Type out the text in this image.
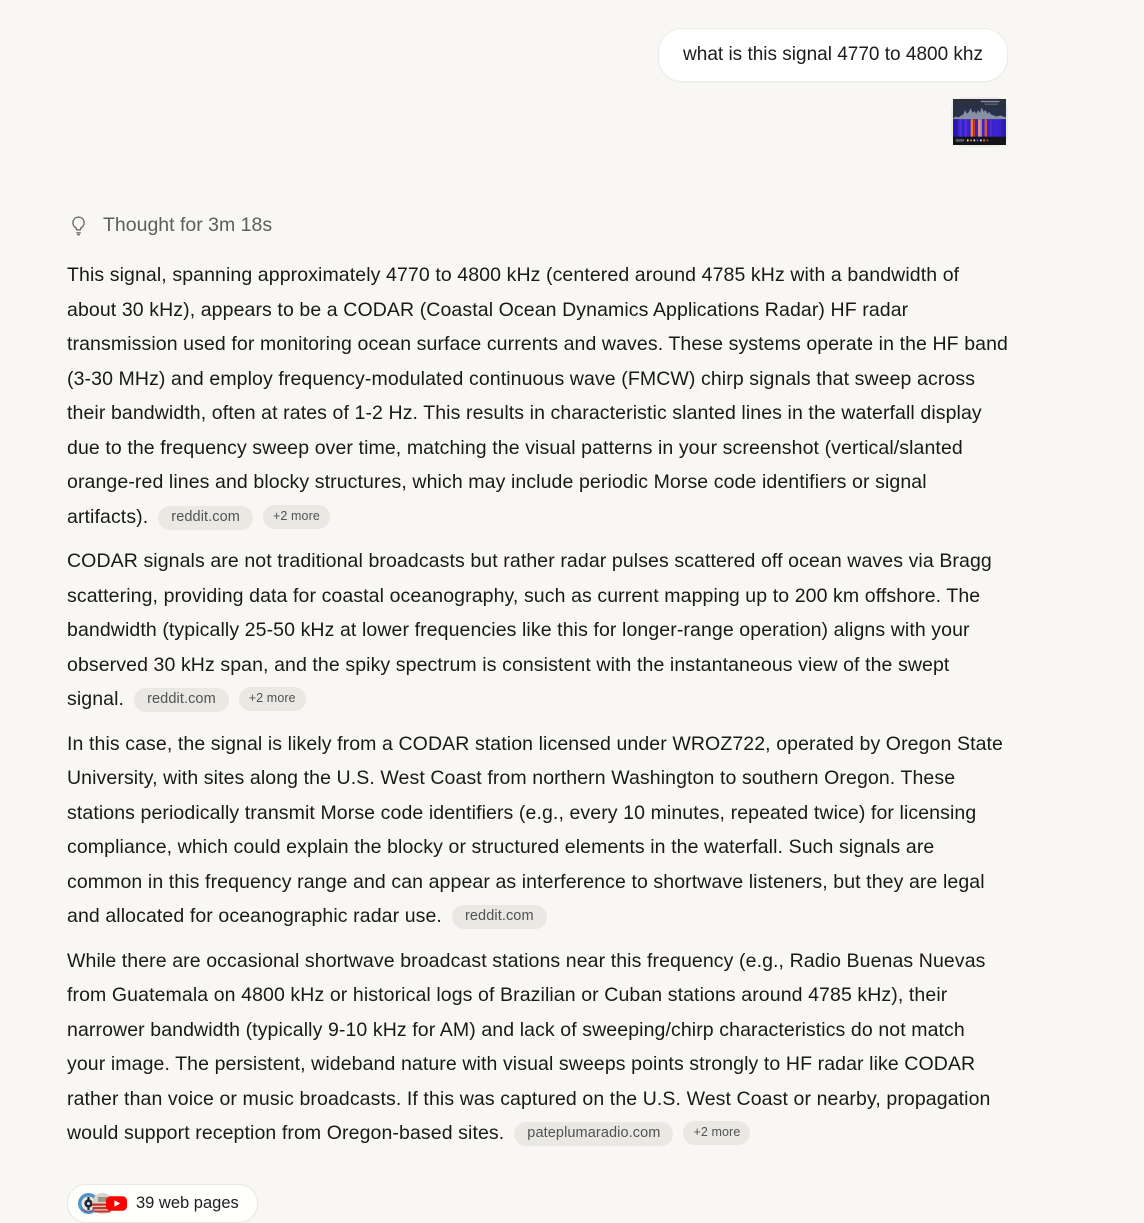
what is this signal 4770 to 4800 khz
Thought for 3m 18s

This signal, spanning approximately 4770 to 4800 kHz (centered around 4785 kHz with a bandwidth of about 30 kHz), appears to be a CODAR (Coastal Ocean Dynamics Applications Radar) HF radar transmission used for monitoring ocean surface currents and waves. These systems operate in the HF band (3-30 MHz) and employ frequency-modulated continuous wave (FMCW) chirp signals that sweep across their bandwidth, often at rates of 1-2 Hz. This results in characteristic slanted lines in the waterfall display due to the frequency sweep over time, matching the visual patterns in your screenshot (vertical/slanted orange-red lines and blocky structures, which may include periodic Morse code identifiers or signal artifacts). reddit.com	+2 more

CODAR signals are not traditional broadcasts but rather radar pulses scattered off ocean waves via Bragg scattering, providing data for coastal oceanography, such as current mapping up to 200 km offshore. The bandwidth (typically 25-50 kHz at lower frequencies like this for longer-range operation) aligns with your observed 30 kHz span, and the spiky spectrum is consistent with the instantaneous view of the swept signal. reddit.com	+2 more

In this case, the signal is likely from a CODAR station licensed under WROZ722, operated by Oregon State University, with sites along the U.S. West Coast from northern Washington to southern Oregon. These stations periodically transmit Morse code identifiers (e.g., every 10 minutes, repeated twice) for licensing compliance, which could explain the blocky or structured elements in the waterfall. Such signals are common in this frequency range and can appear as interference to shortwave listeners, but they are legal and allocated for oceanographic radar use. reddit.com

While there are occasional shortwave broadcast stations near this frequency (e.g., Radio Buenas Nuevas from Guatemala on 4800 kHz or historical logs of Brazilian or Cuban stations around 4785 kHz), their narrower bandwidth (typically 9-10 kHz for AM) and lack of sweeping/chirp characteristics do not match your image. The persistent, wideband nature with visual sweeps points strongly to HF radar like CODAR rather than voice or music broadcasts. If this was captured on the U.S. West Coast or nearby, propagation would support reception from Oregon-based sites. pateplumaradio.com	+2 more

39 web pages
